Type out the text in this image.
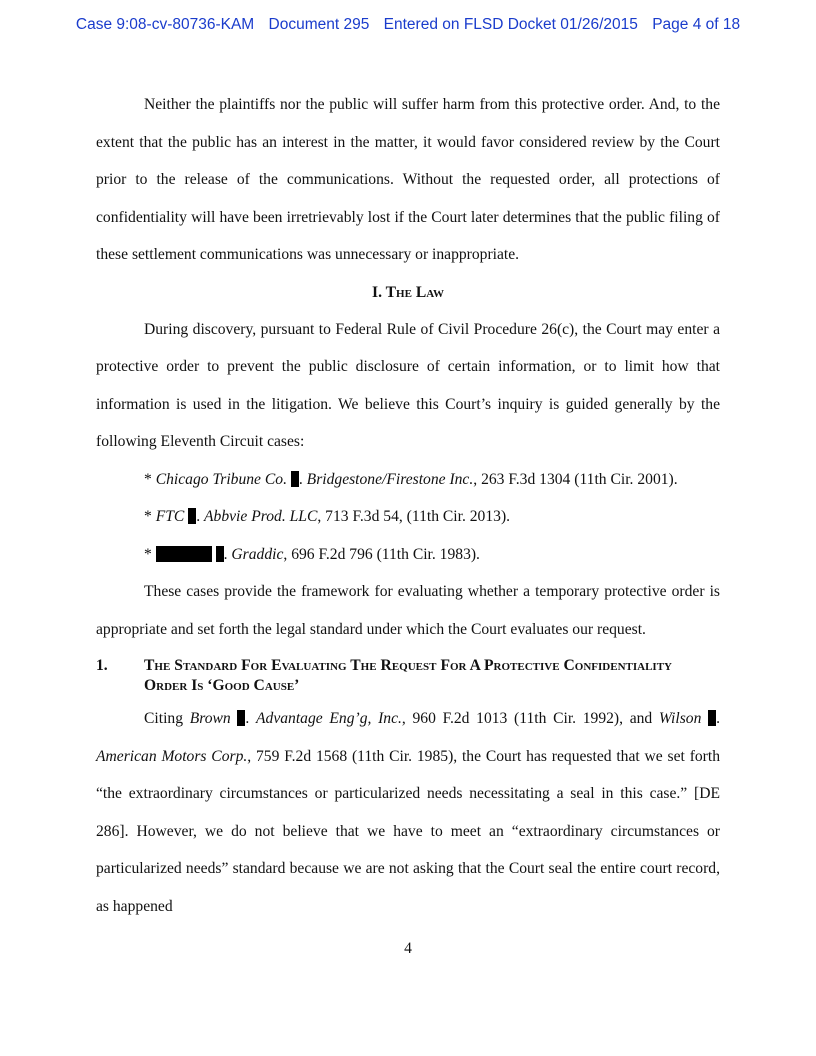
Case 9:08-cv-80736-KAM Document 295 Entered on FLSD Docket 01/26/2015 Page 4 of 18

Neither the plaintiffs nor the public will suffer harm from this protective order. And, to the extent that the public has an interest in the matter, it would favor considered review by the Court prior to the release of the communications. Without the requested order, all protections of confidentiality will have been irretrievably lost if the Court later determines that the public filing of these settlement communications was unnecessary or inappropriate.

I. The Law

During discovery, pursuant to Federal Rule of Civil Procedure 26(c), the Court may enter a protective order to prevent the public disclosure of certain information, or to limit how that information is used in the litigation. We believe this Court’s inquiry is guided generally by the following Eleventh Circuit cases:

* Chicago Tribune Co. . Bridgestone/Firestone Inc., 263 F.3d 1304 (11th Cir. 2001).
* FTC . Abbvie Prod. LLC, 713 F.3d 54, (11th Cir. 2013).
*	. Graddic, 696 F.2d 796 (11th Cir. 1983).

These cases provide the framework for evaluating whether a temporary protective order is appropriate and set forth the legal standard under which the Court evaluates our request.

1.	The Standard For Evaluating The Request For A Protective Confidentiality Order Is ‘Good Cause’

Citing Brown . Advantage Eng’g, Inc., 960 F.2d 1013 (11th Cir. 1992), and Wilson . American Motors Corp., 759 F.2d 1568 (11th Cir. 1985), the Court has requested that we set forth “the extraordinary circumstances or particularized needs necessitating a seal in this case.” [DE 286]. However, we do not believe that we have to meet an “extraordinary circumstances or particularized needs” standard because we are not asking that the Court seal the entire court record, as happened

4
